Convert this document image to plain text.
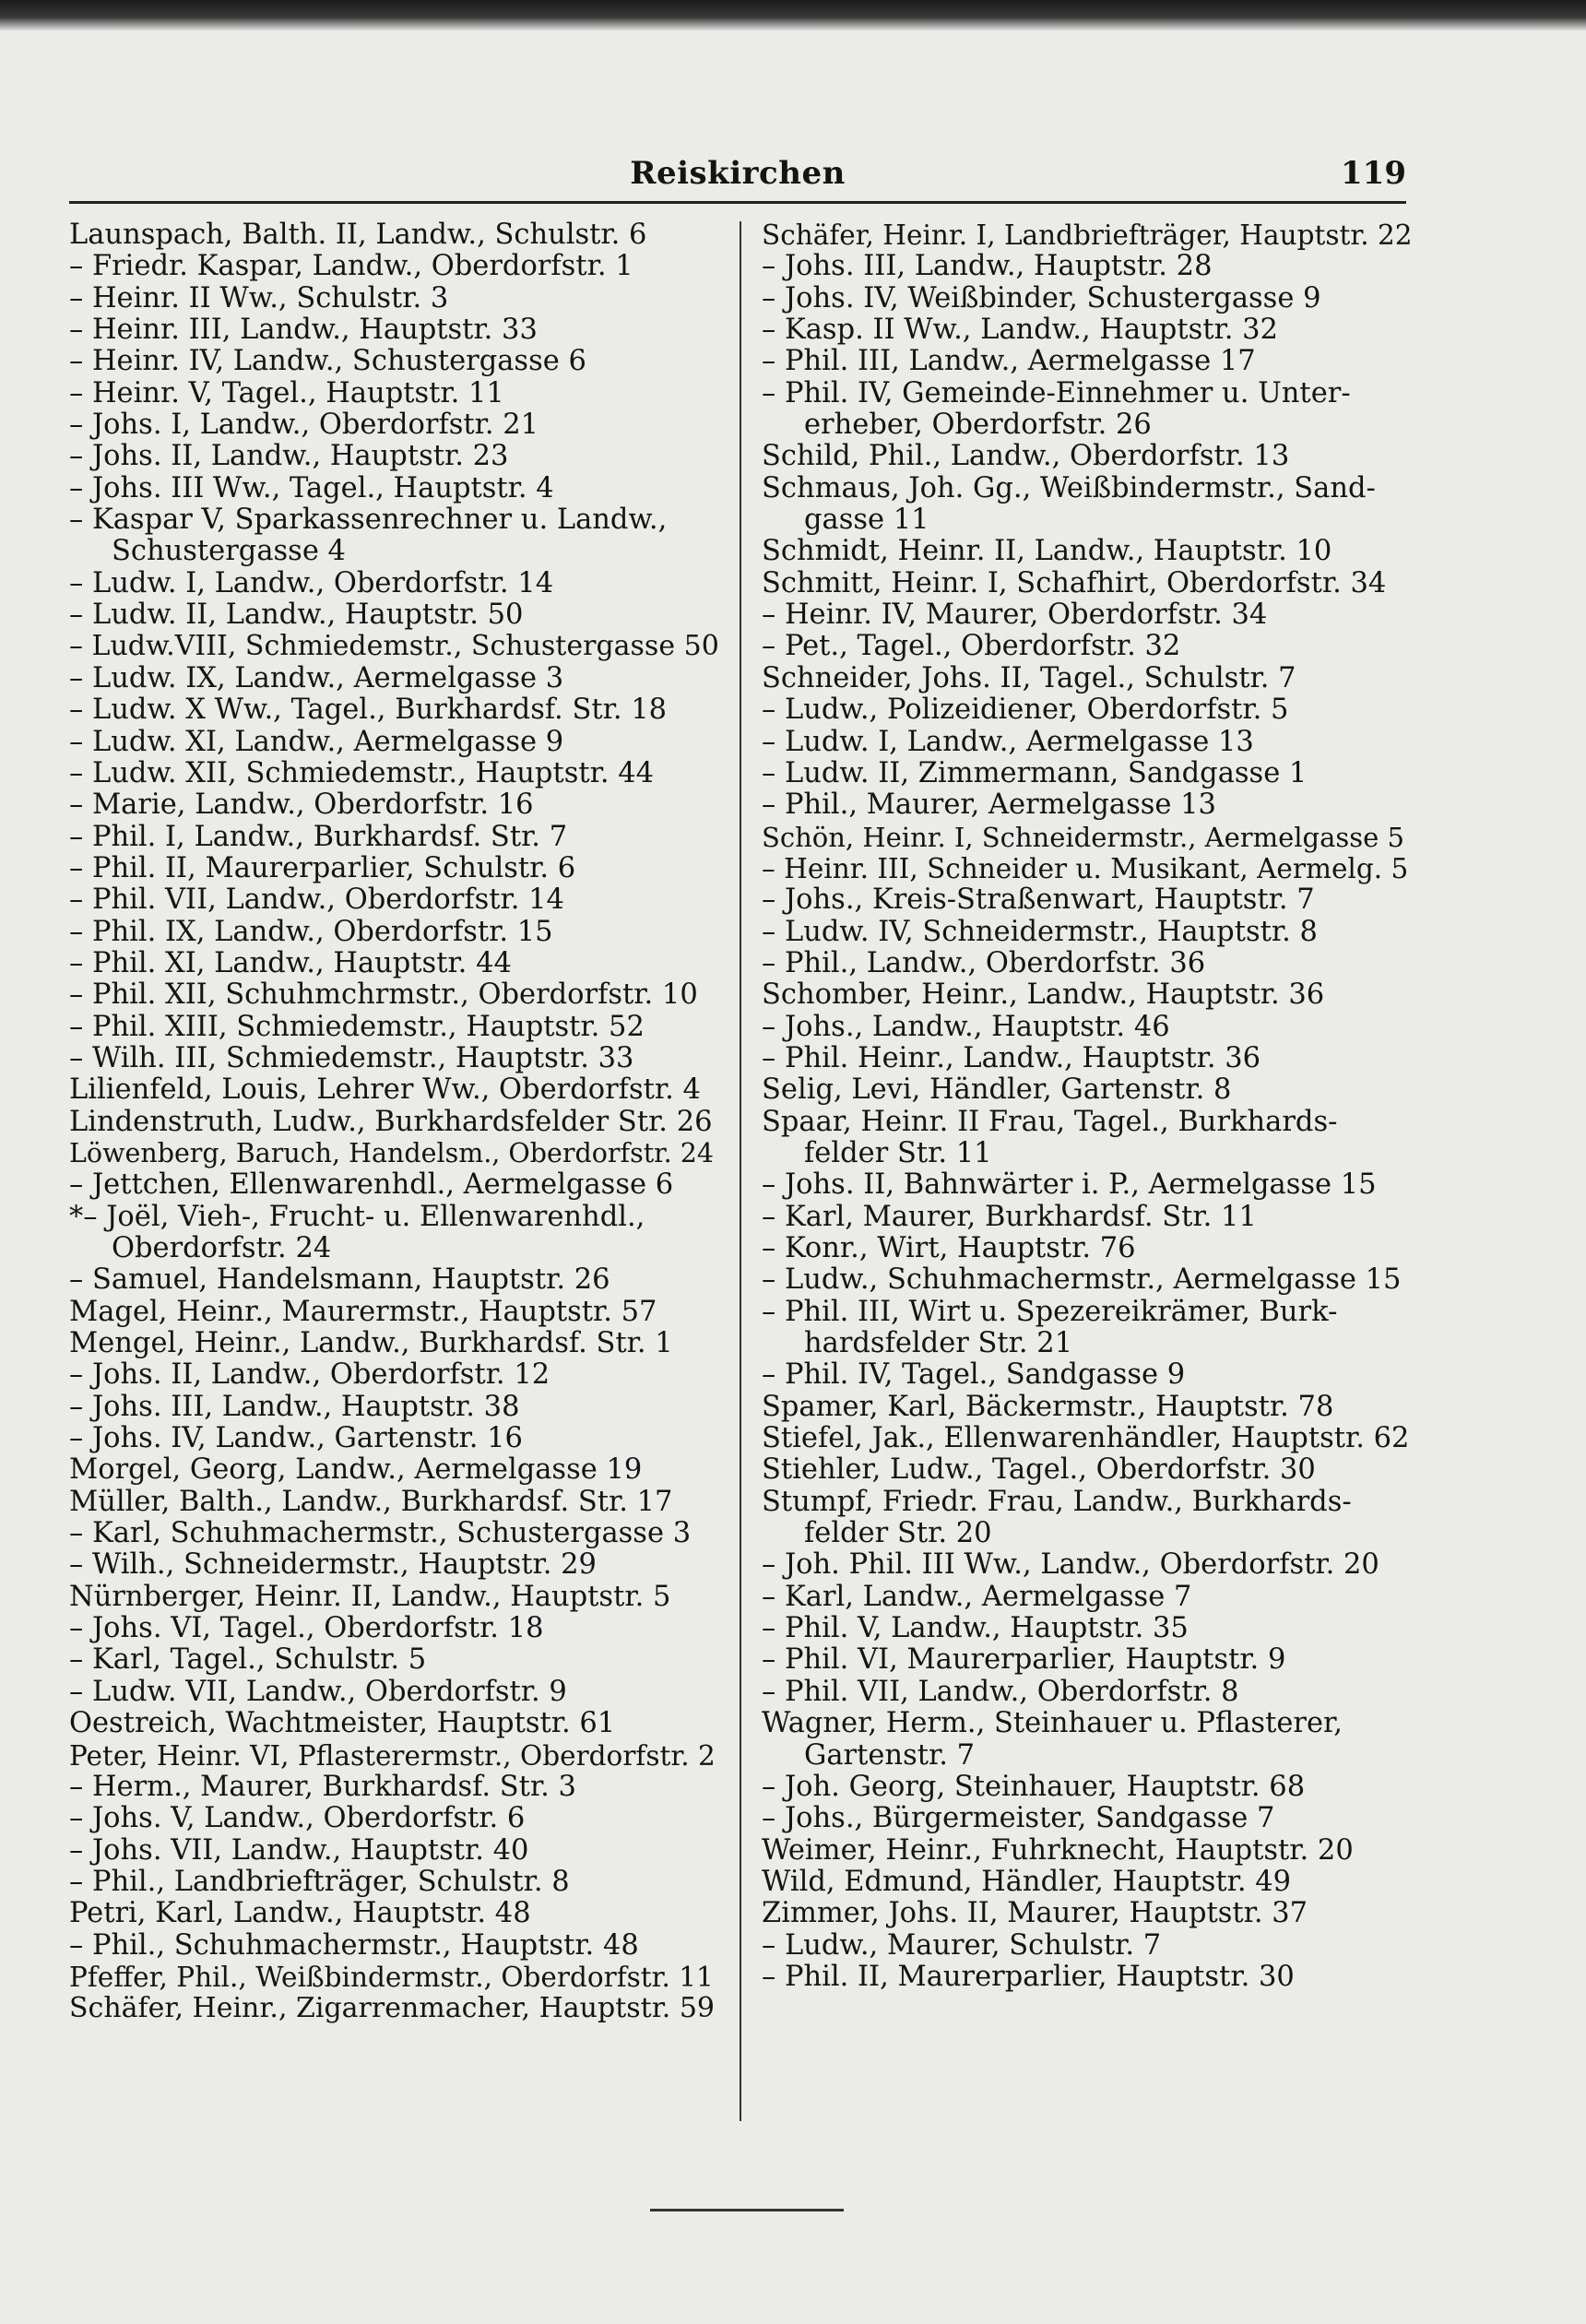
Reiskirchen	119
Launspach, Balth. II, Landw., Schulstr. 6
– Friedr. Kaspar, Landw., Oberdorfstr. 1
– Heinr. II Ww., Schulstr. 3
– Heinr. III, Landw., Hauptstr. 33
– Heinr. IV, Landw., Schustergasse 6
– Heinr. V, Tagel., Hauptstr. 11
– Johs. I, Landw., Oberdorfstr. 21
– Johs. II, Landw., Hauptstr. 23
– Johs. III Ww., Tagel., Hauptstr. 4
– Kaspar V, Sparkassenrechner u. Landw.,
Schustergasse 4
– Ludw. I, Landw., Oberdorfstr. 14
– Ludw. II, Landw., Hauptstr. 50
– Ludw.VIII, Schmiedemstr., Schustergasse 50
– Ludw. IX, Landw., Aermelgasse 3
– Ludw. X Ww., Tagel., Burkhardsf. Str. 18
– Ludw. XI, Landw., Aermelgasse 9
– Ludw. XII, Schmiedemstr., Hauptstr. 44
– Marie, Landw., Oberdorfstr. 16
– Phil. I, Landw., Burkhardsf. Str. 7
– Phil. II, Maurerparlier, Schulstr. 6
– Phil. VII, Landw., Oberdorfstr. 14
– Phil. IX, Landw., Oberdorfstr. 15
– Phil. XI, Landw., Hauptstr. 44
– Phil. XII, Schuhmchrmstr., Oberdorfstr. 10
– Phil. XIII, Schmiedemstr., Hauptstr. 52
– Wilh. III, Schmiedemstr., Hauptstr. 33
Lilienfeld, Louis, Lehrer Ww., Oberdorfstr. 4
Lindenstruth, Ludw., Burkhardsfelder Str. 26
Löwenberg, Baruch, Handelsm., Oberdorfstr. 24
– Jettchen, Ellenwarenhdl., Aermelgasse 6
*– Joël, Vieh-, Frucht- u. Ellenwarenhdl.,
Oberdorfstr. 24
– Samuel, Handelsmann, Hauptstr. 26
Magel, Heinr., Maurermstr., Hauptstr. 57
Mengel, Heinr., Landw., Burkhardsf. Str. 1
– Johs. II, Landw., Oberdorfstr. 12
– Johs. III, Landw., Hauptstr. 38
– Johs. IV, Landw., Gartenstr. 16
Morgel, Georg, Landw., Aermelgasse 19
Müller, Balth., Landw., Burkhardsf. Str. 17
– Karl, Schuhmachermstr., Schustergasse 3
– Wilh., Schneidermstr., Hauptstr. 29
Nürnberger, Heinr. II, Landw., Hauptstr. 5
– Johs. VI, Tagel., Oberdorfstr. 18
– Karl, Tagel., Schulstr. 5
– Ludw. VII, Landw., Oberdorfstr. 9
Oestreich, Wachtmeister, Hauptstr. 61
Peter, Heinr. VI, Pflasterermstr., Oberdorfstr. 2
– Herm., Maurer, Burkhardsf. Str. 3
– Johs. V, Landw., Oberdorfstr. 6
– Johs. VII, Landw., Hauptstr. 40
– Phil., Landbriefträger, Schulstr. 8
Petri, Karl, Landw., Hauptstr. 48
– Phil., Schuhmachermstr., Hauptstr. 48
Pfeffer, Phil., Weißbindermstr., Oberdorfstr. 11
Schäfer, Heinr., Zigarrenmacher, Hauptstr. 59
Schäfer, Heinr. I, Landbriefträger, Hauptstr. 22
– Johs. III, Landw., Hauptstr. 28
– Johs. IV, Weißbinder, Schustergasse 9
– Kasp. II Ww., Landw., Hauptstr. 32
– Phil. III, Landw., Aermelgasse 17
– Phil. IV, Gemeinde-Einnehmer u. Unter-
erheber, Oberdorfstr. 26
Schild, Phil., Landw., Oberdorfstr. 13
Schmaus, Joh. Gg., Weißbindermstr., Sand-
gasse 11
Schmidt, Heinr. II, Landw., Hauptstr. 10
Schmitt, Heinr. I, Schafhirt, Oberdorfstr. 34
– Heinr. IV, Maurer, Oberdorfstr. 34
– Pet., Tagel., Oberdorfstr. 32
Schneider, Johs. II, Tagel., Schulstr. 7
– Ludw., Polizeidiener, Oberdorfstr. 5
– Ludw. I, Landw., Aermelgasse 13
– Ludw. II, Zimmermann, Sandgasse 1
– Phil., Maurer, Aermelgasse 13
Schön, Heinr. I, Schneidermstr., Aermelgasse 5
– Heinr. III, Schneider u. Musikant, Aermelg. 5
– Johs., Kreis-Straßenwart, Hauptstr. 7
– Ludw. IV, Schneidermstr., Hauptstr. 8
– Phil., Landw., Oberdorfstr. 36
Schomber, Heinr., Landw., Hauptstr. 36
– Johs., Landw., Hauptstr. 46
– Phil. Heinr., Landw., Hauptstr. 36
Selig, Levi, Händler, Gartenstr. 8
Spaar, Heinr. II Frau, Tagel., Burkhards-
felder Str. 11
– Johs. II, Bahnwärter i. P., Aermelgasse 15
– Karl, Maurer, Burkhardsf. Str. 11
– Konr., Wirt, Hauptstr. 76
– Ludw., Schuhmachermstr., Aermelgasse 15
– Phil. III, Wirt u. Spezereikrämer, Burk-
hardsfelder Str. 21
– Phil. IV, Tagel., Sandgasse 9
Spamer, Karl, Bäckermstr., Hauptstr. 78
Stiefel, Jak., Ellenwarenhändler, Hauptstr. 62
Stiehler, Ludw., Tagel., Oberdorfstr. 30
Stumpf, Friedr. Frau, Landw., Burkhards-
felder Str. 20
– Joh. Phil. III Ww., Landw., Oberdorfstr. 20
– Karl, Landw., Aermelgasse 7
– Phil. V, Landw., Hauptstr. 35
– Phil. VI, Maurerparlier, Hauptstr. 9
– Phil. VII, Landw., Oberdorfstr. 8
Wagner, Herm., Steinhauer u. Pflasterer,
Gartenstr. 7
– Joh. Georg, Steinhauer, Hauptstr. 68
– Johs., Bürgermeister, Sandgasse 7
Weimer, Heinr., Fuhrknecht, Hauptstr. 20
Wild, Edmund, Händler, Hauptstr. 49
Zimmer, Johs. II, Maurer, Hauptstr. 37
– Ludw., Maurer, Schulstr. 7
– Phil. II, Maurerparlier, Hauptstr. 30
